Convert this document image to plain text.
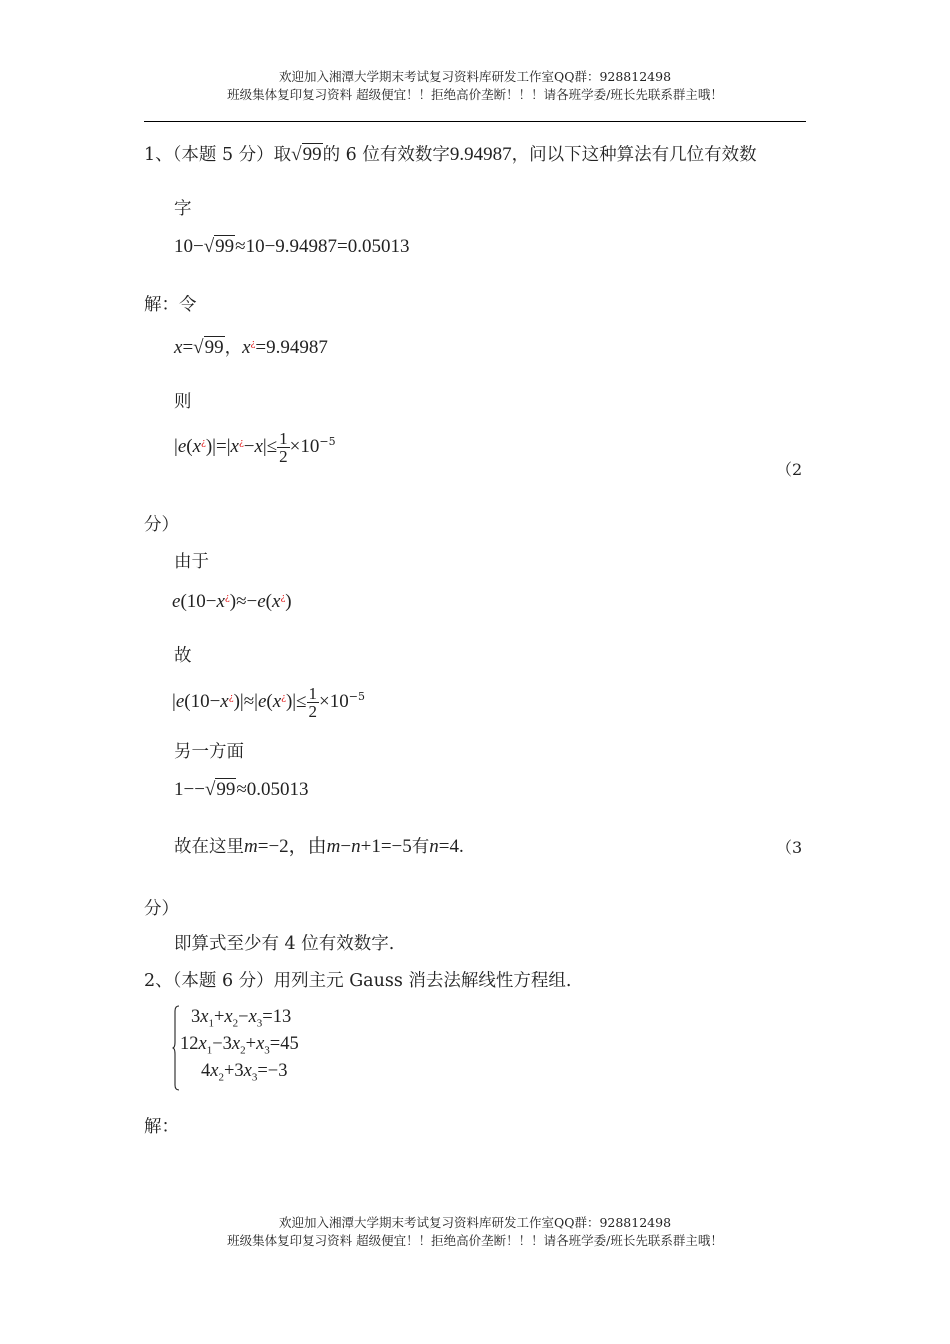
欢迎加入湘潭大学期末考试复习资料库研发工作室QQ群：928812498
班级集体复印复习资料 超级便宜！！拒绝高价垄断！！！请各班学委/班长先联系群主哦！
1、（本题 5 分）取√99的 6 位有效数字9.94987，问以下这种算法有几位有效数
字
10−√99≈10−9.94987=0.05013
解：令
x=√99，x¿=9.94987
则
$|e(x^¿)|=|x^¿-x|\le \frac{1}{2} \times 10^{-5}$
（2
分）
由于
e(10−x¿)≈−e(x¿)
故
$|e(10-x^¿)|\approx|e(x^¿)|\le \frac{1}{2} \times 10^{-5}$
另一方面
1−−√99≈0.05013
故在这里m=−2，由m−n+1=−5有n=4.	（3
分）
即算式至少有 4 位有效数字.
2、（本题 6 分）用列主元 Gauss 消去法解线性方程组.
$3x_1+x_2-x_3=13$
$12x_1-3x_2+x_3=45$
$4x_2+3x_3=-3$
解：
欢迎加入湘潭大学期末考试复习资料库研发工作室QQ群：928812498
班级集体复印复习资料 超级便宜！！拒绝高价垄断！！！请各班学委/班长先联系群主哦！
